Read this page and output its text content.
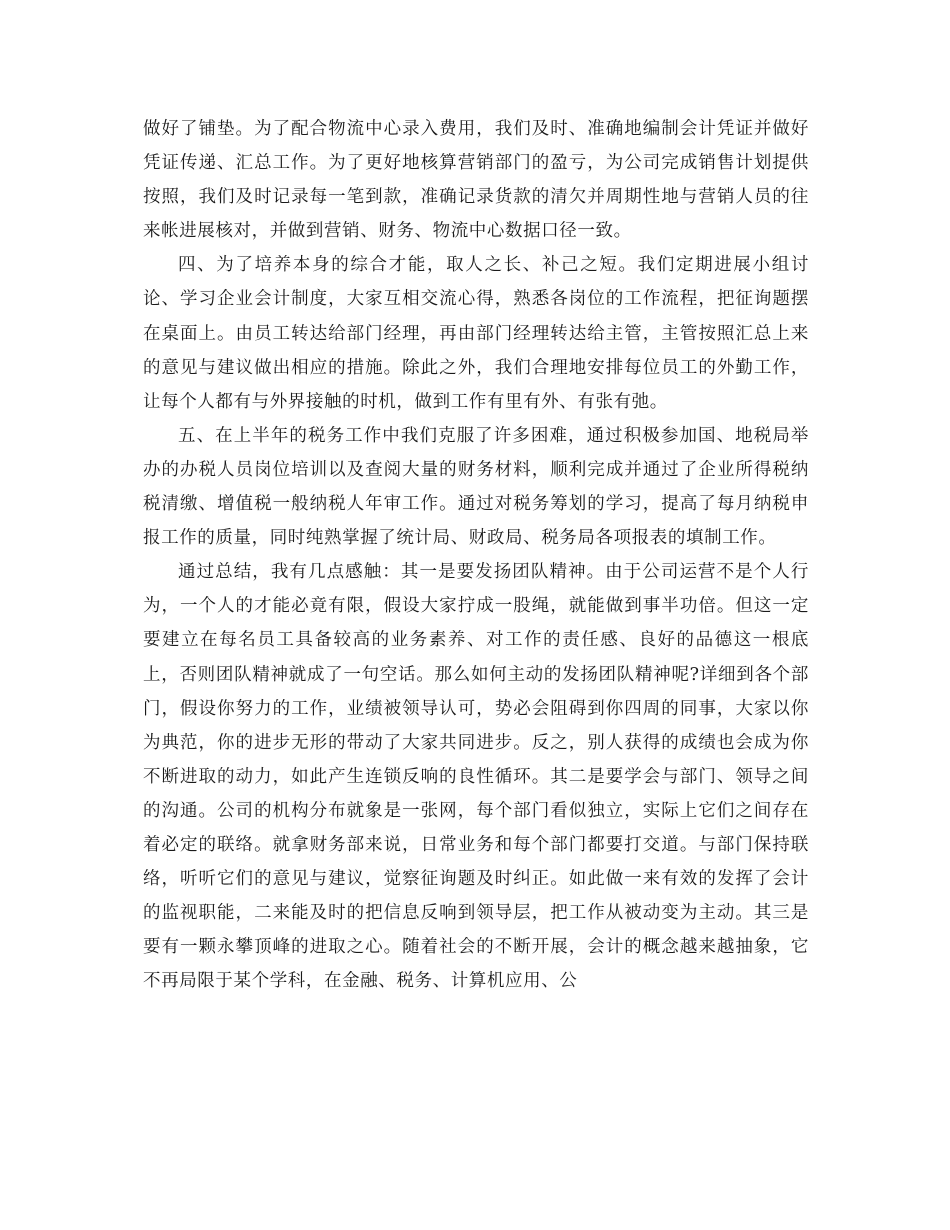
做好了铺垫。为了配合物流中心录入费用，我们及时、准确地编制会计凭证并做好凭证传递、汇总工作。为了更好地核算营销部门的盈亏，为公司完成销售计划提供按照，我们及时记录每一笔到款，准确记录货款的清欠并周期性地与营销人员的往来帐进展核对，并做到营销、财务、物流中心数据口径一致。

四、为了培养本身的综合才能，取人之长、补己之短。我们定期进展小组讨论、学习企业会计制度，大家互相交流心得，熟悉各岗位的工作流程，把征询题摆在桌面上。由员工转达给部门经理，再由部门经理转达给主管，主管按照汇总上来的意见与建议做出相应的措施。除此之外，我们合理地安排每位员工的外勤工作，让每个人都有与外界接触的时机，做到工作有里有外、有张有弛。

五、在上半年的税务工作中我们克服了许多困难，通过积极参加国、地税局举办的办税人员岗位培训以及查阅大量的财务材料，顺利完成并通过了企业所得税纳税清缴、增值税一般纳税人年审工作。通过对税务筹划的学习，提高了每月纳税申报工作的质量，同时纯熟掌握了统计局、财政局、税务局各项报表的填制工作。

通过总结，我有几点感触：其一是要发扬团队精神。由于公司运营不是个人行为，一个人的才能必竟有限，假设大家拧成一股绳，就能做到事半功倍。但这一定要建立在每名员工具备较高的业务素养、对工作的责任感、良好的品德这一根底上，否则团队精神就成了一句空话。那么如何主动的发扬团队精神呢?详细到各个部门，假设你努力的工作，业绩被领导认可，势必会阻碍到你四周的同事，大家以你为典范，你的进步无形的带动了大家共同进步。反之，别人获得的成绩也会成为你不断进取的动力，如此产生连锁反响的良性循环。其二是要学会与部门、领导之间的沟通。公司的机构分布就象是一张网，每个部门看似独立，实际上它们之间存在着必定的联络。就拿财务部来说，日常业务和每个部门都要打交道。与部门保持联络，听听它们的意见与建议，觉察征询题及时纠正。如此做一来有效的发挥了会计的监视职能，二来能及时的把信息反响到领导层，把工作从被动变为主动。其三是要有一颗永攀顶峰的进取之心。随着社会的不断开展，会计的概念越来越抽象，它不再局限于某个学科，在金融、税务、计算机应用、公
